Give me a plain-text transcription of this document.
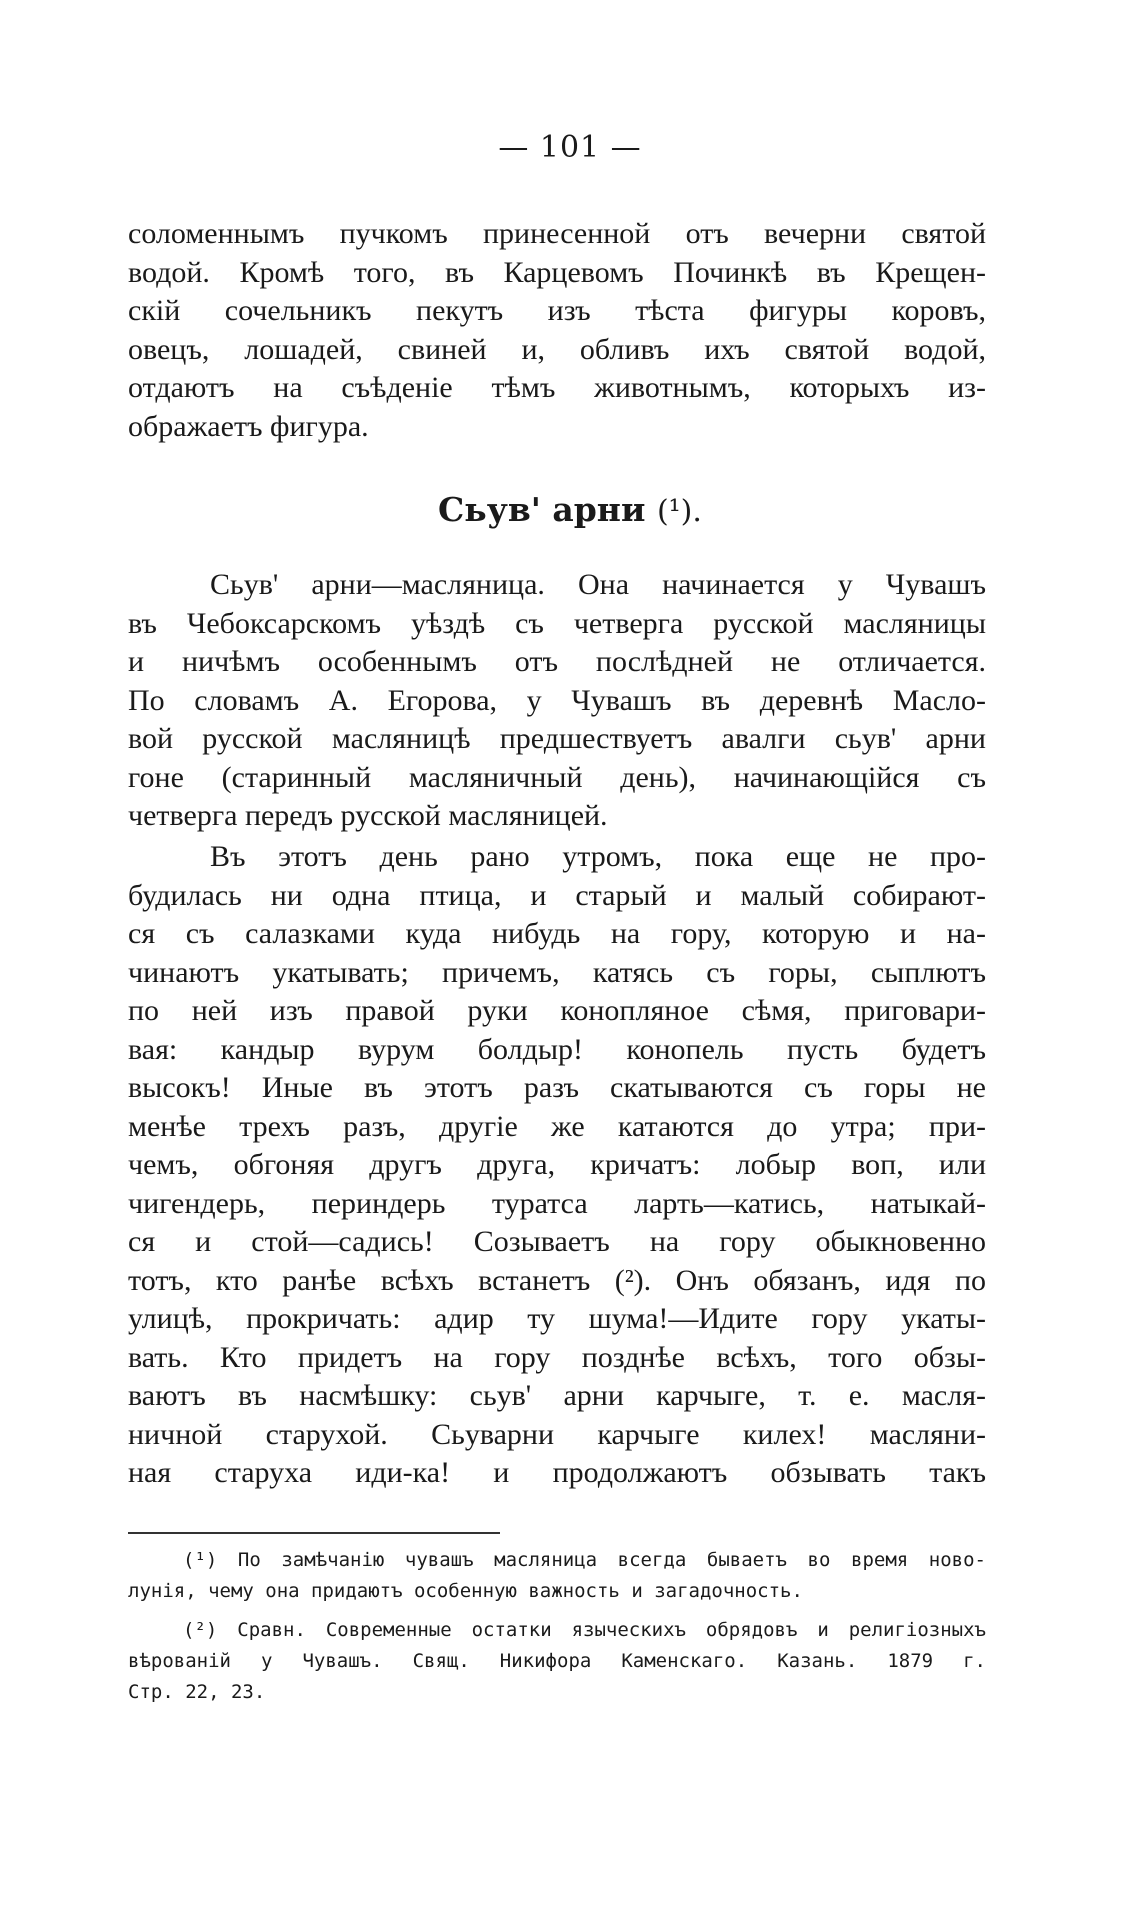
— 101 —
соломеннымъ пучкомъ принесенной отъ вечерни святой
водой. Кромѣ того, въ Карцевомъ Починкѣ въ Крещен-
скій сочельникъ пекутъ изъ тѣста фигуры коровъ,
овецъ, лошадей, свиней и, обливъ ихъ святой водой,
отдаютъ на съѣденіе тѣмъ животнымъ, которыхъ из-
ображаетъ фигура.
Сьув' арни (¹).
Сьув' арни—масляница. Она начинается у Чувашъ
въ Чебоксарскомъ уѣздѣ съ четверга русской масляницы
и ничѣмъ особеннымъ отъ послѣдней не отличается.
По словамъ А. Егорова, у Чувашъ въ деревнѣ Масло-
вой русской масляницѣ предшествуетъ авалги сьув' арни
гоне (старинный масляничный день), начинающійся съ
четверга передъ русской масляницей.
Въ этотъ день рано утромъ, пока еще не про-
будилась ни одна птица, и старый и малый собирают-
ся съ салазками куда нибудь на гору, которую и на-
чинаютъ укатывать; причемъ, катясь съ горы, сыплютъ
по ней изъ правой руки конопляное сѣмя, приговари-
вая: кандыр вурум болдыр! конопель пусть будетъ
высокъ! Иные въ этотъ разъ скатываются съ горы не
менѣе трехъ разъ, другіе же катаются до утра; при-
чемъ, обгоняя другъ друга, кричатъ: лобыр воп, или
чигендерь, периндерь туратса ларть—катись, натыкай-
ся и стой—садись! Созываетъ на гору обыкновенно
тотъ, кто ранѣе всѣхъ встанетъ (²). Онъ обязанъ, идя по
улицѣ, прокричать: адир ту шума!—Идите гору укаты-
вать. Кто придетъ на гору позднѣе всѣхъ, того обзы-
ваютъ въ насмѣшку: сьув' арни карчыге, т. е. масля-
ничной старухой. Сьуварни карчыге килех! масляни-
ная старуха иди-ка! и продолжаютъ обзывать такъ
(¹) По замѣчанію чувашъ масляница всегда бываетъ во время ново-
лунія, чему она придаютъ особенную важность и загадочность.
(²) Сравн. Современные остатки языческихъ обрядовъ и религіозныхъ
вѣрованій у Чувашъ. Свящ. Никифора Каменскаго. Казань. 1879 г.
Стр. 22, 23.
